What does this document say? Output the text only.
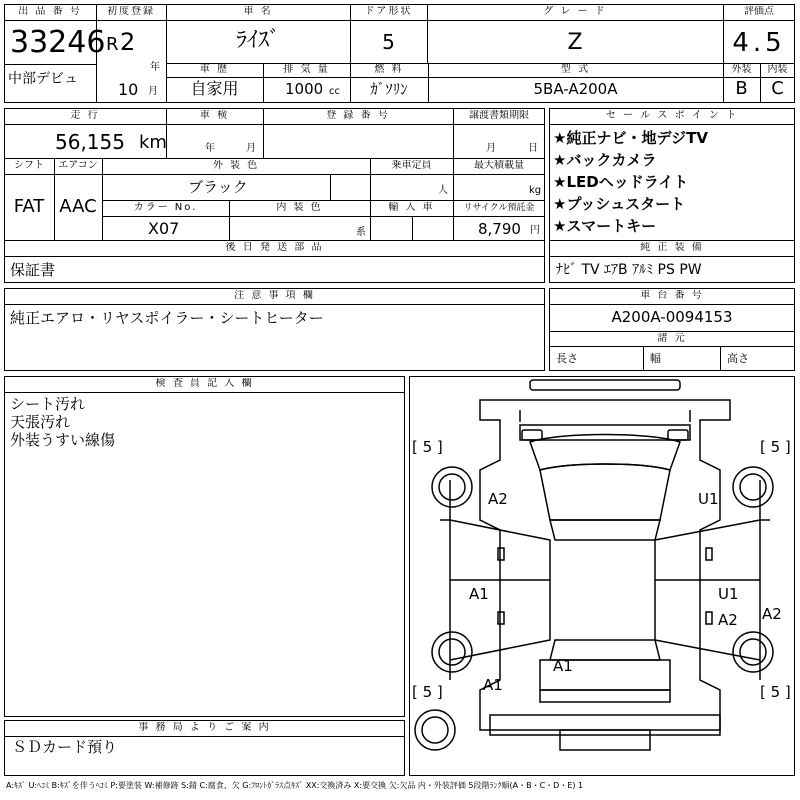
出 品 番 号
33246
中部デビュ
初度登録
R 2
年
10 月
車 名
ﾗｲｽﾞ
ドア形状
5
グ レ ー ド
Z
評価点
4.5
車 歴
自家用
排 気 量
1000 cc
燃 料
ｶﾞｿﾘﾝ
型 式
5BA-A200A
外装	内装
B	C
走 行
56,155 km
車 検
年	月
登 録 番 号	譲渡書類期限
月	日
シフト
FAT
エアコン
AAC
外 装 色
ブラック
乗車定員
人
最大積載量
kg
カラー No.
X07
内 装 色
系
輸 入 車	リサイクル預託金
8,790 円
後 日 発 送 部 品
保証書
セ ー ル ス ポ イ ン ト
★純正ナビ・地デジTV
★バックカメラ
★LEDヘッドライト
★プッシュスタート
★スマートキー
純 正 装 備
ﾅﾋﾞ TV ｴｱB ｱﾙﾐ PS PW
注 意 事 項 欄
純正エアロ・リヤスポイラー・シートヒーター
車 台 番 号
A200A-0094153
諸 元
長さ	幅	高さ
検 査 員 記 入 欄
シート汚れ
天張汚れ
外装うすい線傷
事 務 局 よ り ご 案 内
ＳＤカード預り
[ 5 ]	[ 5 ]
[ 5 ]	[ 5 ]
A2	U1
A1	U1
A2
A2
A1
A1
A:ｷｽﾞ U:ﾍｺﾐ B:ｷｽﾞを伴うﾍｺﾐ P:要塗装 W:補修跡 S:錆 C:腐食、欠 G:ﾌﾛﾝﾄｶﾞﾗｽ点ｷｽﾞ XX:交換済み X:要交換 欠:欠品 内・外装評価 5段階ﾗﾝｸ順(A・B・C・D・E) 1
